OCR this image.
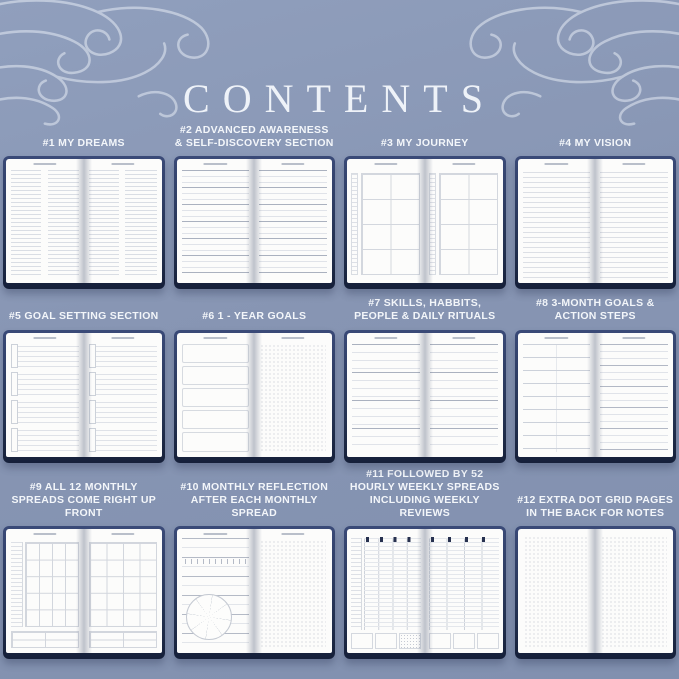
CONTENTS
#1 MY DREAMS
#2 ADVANCED AWARENESS & SELF-DISCOVERY SECTION	#3 MY JOURNEY	#4 MY VISION
#5 GOAL SETTING SECTION	#6 1 - YEAR GOALS
#7 SKILLS, HABBITS, PEOPLE & DAILY RITUALS
#8 3-MONTH GOALS & ACTION STEPS
#9 ALL 12 MONTHLY SPREADS COME RIGHT UP FRONT
#10 MONTHLY REFLECTION AFTER EACH MONTHLY SPREAD
#11 FOLLOWED BY 52 HOURLY WEEKLY SPREADS INCLUDING WEEKLY REVIEWS
#12 EXTRA DOT GRID PAGES IN THE BACK FOR NOTES
